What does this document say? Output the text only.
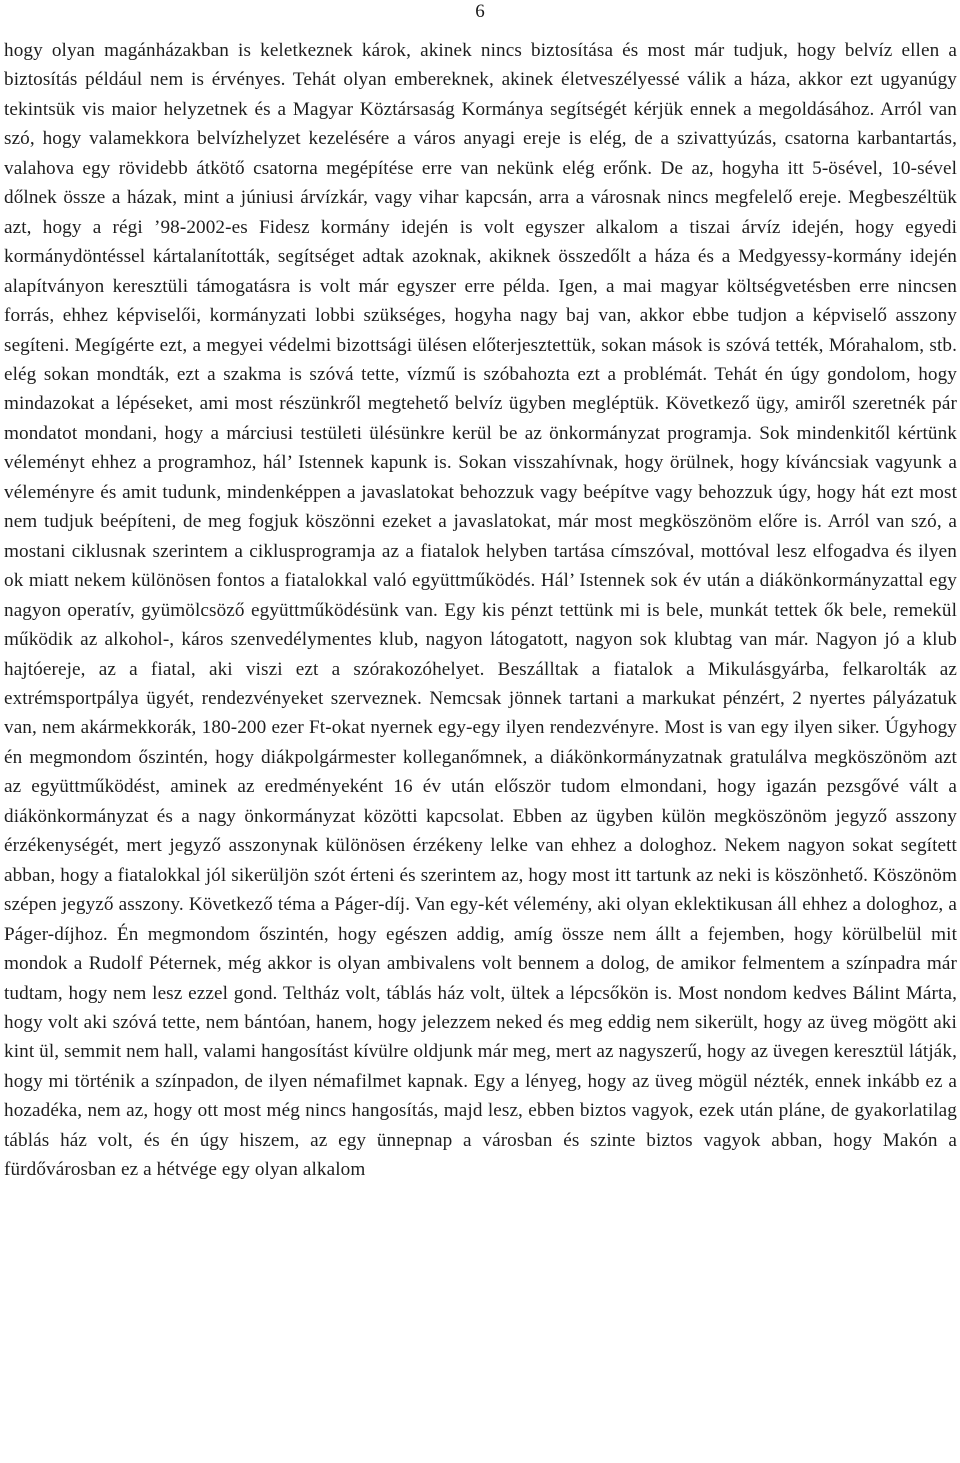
6

hogy olyan magánházakban is keletkeznek károk, akinek nincs biztosítása és most már tudjuk, hogy belvíz ellen a biztosítás például nem is érvényes. Tehát olyan embereknek, akinek életveszélyessé válik a háza, akkor ezt ugyanúgy tekintsük vis maior helyzetnek és a Magyar Köztársaság Kormánya segítségét kérjük ennek a megoldásához. Arról van szó, hogy valamekkora belvízhelyzet kezelésére a város anyagi ereje is elég, de a szivattyúzás, csatorna karbantartás, valahova egy rövidebb átkötő csatorna megépítése erre van nekünk elég erőnk. De az, hogyha itt 5-ösével, 10-sével dőlnek össze a házak, mint a júniusi árvízkár, vagy vihar kapcsán, arra a városnak nincs megfelelő ereje. Megbeszéltük azt, hogy a régi ’98-2002-es Fidesz kormány idején is volt egyszer alkalom a tiszai árvíz idején, hogy egyedi kormánydöntéssel kártalanították, segítséget adtak azoknak, akiknek összedőlt a háza és a Medgyessy-kormány idején alapítványon keresztüli támogatásra is volt már egyszer erre példa. Igen, a mai magyar költségvetésben erre nincsen forrás, ehhez képviselői, kormányzati lobbi szükséges, hogyha nagy baj van, akkor ebbe tudjon a képviselő asszony segíteni. Megígérte ezt, a megyei védelmi bizottsági ülésen előterjesztettük, sokan mások is szóvá tették, Mórahalom, stb. elég sokan mondták, ezt a szakma is szóvá tette, vízmű is szóbahozta ezt a problémát. Tehát én úgy gondolom, hogy mindazokat a lépéseket, ami most részünkről megtehető belvíz ügyben megléptük. Következő ügy, amiről szeretnék pár mondatot mondani, hogy a márciusi testületi ülésünkre kerül be az önkormányzat programja. Sok mindenkitől kértünk véleményt ehhez a programhoz, hál’ Istennek kapunk is. Sokan visszahívnak, hogy örülnek, hogy kíváncsiak vagyunk a véleményre és amit tudunk, mindenképpen a javaslatokat behozzuk vagy beépítve vagy behozzuk úgy, hogy hát ezt most nem tudjuk beépíteni, de meg fogjuk köszönni ezeket a javaslatokat, már most megköszönöm előre is. Arról van szó, a mostani ciklusnak szerintem a ciklusprogramja az a fiatalok helyben tartása címszóval, mottóval lesz elfogadva és ilyen ok miatt nekem különösen fontos a fiatalokkal való együttműködés. Hál’ Istennek sok év után a diákönkormányzattal egy nagyon operatív, gyümölcsöző együttműködésünk van. Egy kis pénzt tettünk mi is bele, munkát tettek ők bele, remekül működik az alkohol-, káros szenvedélymentes klub, nagyon látogatott, nagyon sok klubtag van már. Nagyon jó a klub hajtóereje, az a fiatal, aki viszi ezt a szórakozóhelyet. Beszálltak a fiatalok a Mikulásgyárba, felkarolták az extrémsportpálya ügyét, rendezvényeket szerveznek. Nemcsak jönnek tartani a markukat pénzért, 2 nyertes pályázatuk van, nem akármekkorák, 180-200 ezer Ft-okat nyernek egy-egy ilyen rendezvényre. Most is van egy ilyen siker. Úgyhogy én megmondom őszintén, hogy diákpolgármester kolleganőmnek, a diákönkormányzatnak gratulálva megköszönöm azt az együttműködést, aminek az eredményeként 16 év után először tudom elmondani, hogy igazán pezsgővé vált a diákönkormányzat és a nagy önkormányzat közötti kapcsolat. Ebben az ügyben külön megköszönöm jegyző asszony érzékenységét, mert jegyző asszonynak különösen érzékeny lelke van ehhez a dologhoz. Nekem nagyon sokat segített abban, hogy a fiatalokkal jól sikerüljön szót érteni és szerintem az, hogy most itt tartunk az neki is köszönhető. Köszönöm szépen jegyző asszony. Következő téma a Páger-díj. Van egy-két vélemény, aki olyan eklektikusan áll ehhez a dologhoz, a Páger-díjhoz. Én megmondom őszintén, hogy egészen addig, amíg össze nem állt a fejemben, hogy körülbelül mit mondok a Rudolf Péternek, még akkor is olyan ambivalens volt bennem a dolog, de amikor felmentem a színpadra már tudtam, hogy nem lesz ezzel gond. Teltház volt, táblás ház volt, ültek a lépcsőkön is. Most nondom kedves Bálint Márta, hogy volt aki szóvá tette, nem bántóan, hanem, hogy jelezzem neked és meg eddig nem sikerült, hogy az üveg mögött aki kint ül, semmit nem hall, valami hangosítást kívülre oldjunk már meg, mert az nagyszerű, hogy az üvegen keresztül látják, hogy mi történik a színpadon, de ilyen némafilmet kapnak. Egy a lényeg, hogy az üveg mögül nézték, ennek inkább ez a hozadéka, nem az, hogy ott most még nincs hangosítás, majd lesz, ebben biztos vagyok, ezek után pláne, de gyakorlatilag táblás ház volt, és én úgy hiszem, az egy ünnepnap a városban és szinte biztos vagyok abban, hogy Makón a fürdővárosban ez a hétvége egy olyan alkalom
